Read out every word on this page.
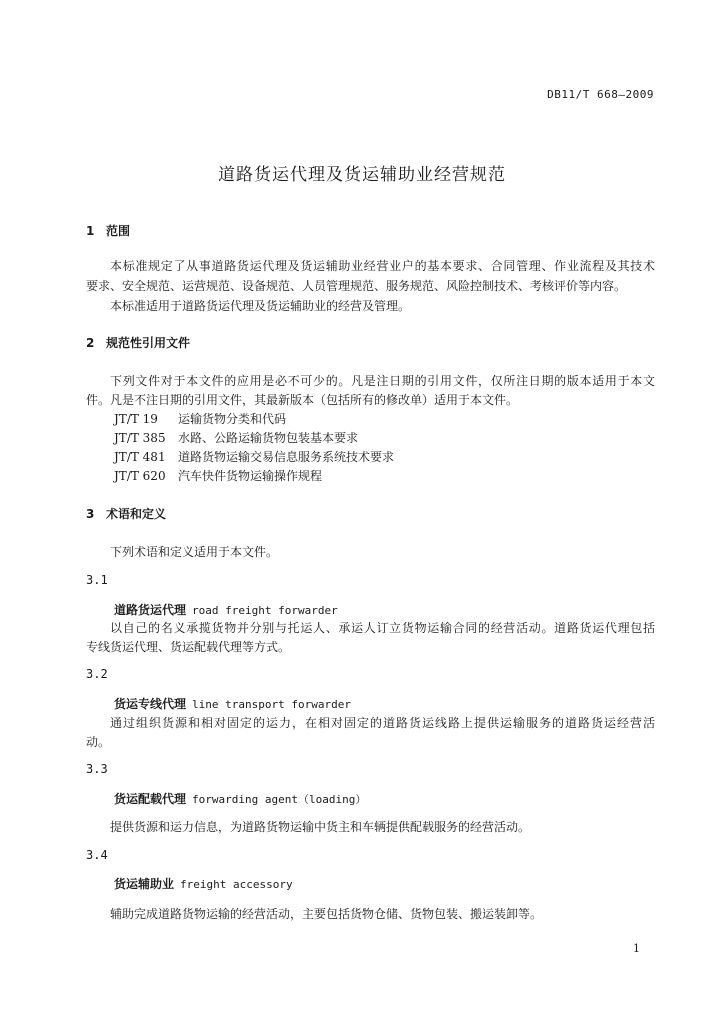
DB11/T 668—2009
道路货运代理及货运辅助业经营规范
1 范围
本标准规定了从事道路货运代理及货运辅助业经营业户的基本要求、合同管理、作业流程及其技术
要求、安全规范、运营规范、设备规范、人员管理规范、服务规范、风险控制技术、考核评价等内容。
本标准适用于道路货运代理及货运辅助业的经营及管理。
2 规范性引用文件
下列文件对于本文件的应用是必不可少的。凡是注日期的引用文件，仅所注日期的版本适用于本文
件。凡是不注日期的引用文件，其最新版本（包括所有的修改单）适用于本文件。
JT/T 19 运输货物分类和代码
JT/T 385 水路、公路运输货物包装基本要求
JT/T 481 道路货物运输交易信息服务系统技术要求
JT/T 620 汽车快件货物运输操作规程
3 术语和定义
下列术语和定义适用于本文件。
3.1
道路货运代理 road freight forwarder
以自己的名义承揽货物并分别与托运人、承运人订立货物运输合同的经营活动。道路货运代理包括
专线货运代理、货运配载代理等方式。
3.2
货运专线代理 line transport forwarder
通过组织货源和相对固定的运力，在相对固定的道路货运线路上提供运输服务的道路货运经营活
动。
3.3
货运配载代理 forwarding agent（loading）
提供货源和运力信息，为道路货物运输中货主和车辆提供配载服务的经营活动。
3.4
货运辅助业 freight accessory
辅助完成道路货物运输的经营活动，主要包括货物仓储、货物包装、搬运装卸等。
1
